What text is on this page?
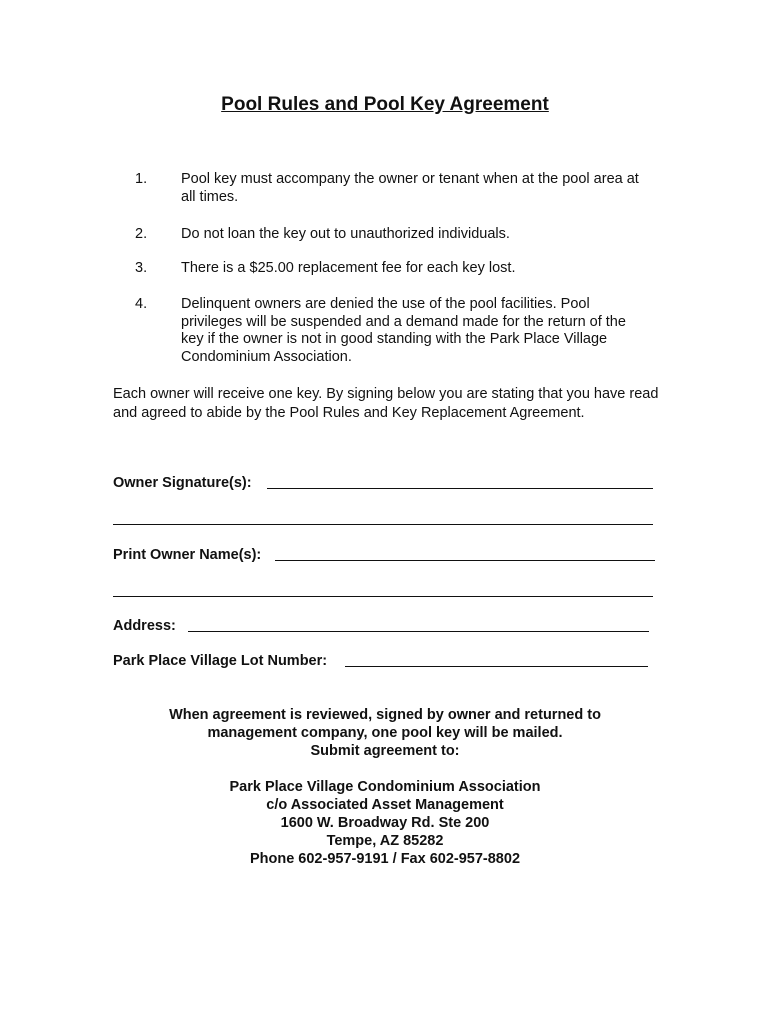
Pool Rules and Pool Key Agreement
1. Pool key must accompany the owner or tenant when at the pool area at all times.
2. Do not loan the key out to unauthorized individuals.
3. There is a $25.00 replacement fee for each key lost.
4. Delinquent owners are denied the use of the pool facilities. Pool privileges will be suspended and a demand made for the return of the key if the owner is not in good standing with the Park Place Village Condominium Association.
Each owner will receive one key. By signing below you are stating that you have read and agreed to abide by the Pool Rules and Key Replacement Agreement.
Owner Signature(s):
Print Owner Name(s):
Address:
Park Place Village Lot Number:
When agreement is reviewed, signed by owner and returned to
management company, one pool key will be mailed.
Submit agreement to:
Park Place Village Condominium Association
c/o Associated Asset Management
1600 W. Broadway Rd. Ste 200
Tempe, AZ 85282
Phone 602-957-9191 / Fax 602-957-8802
